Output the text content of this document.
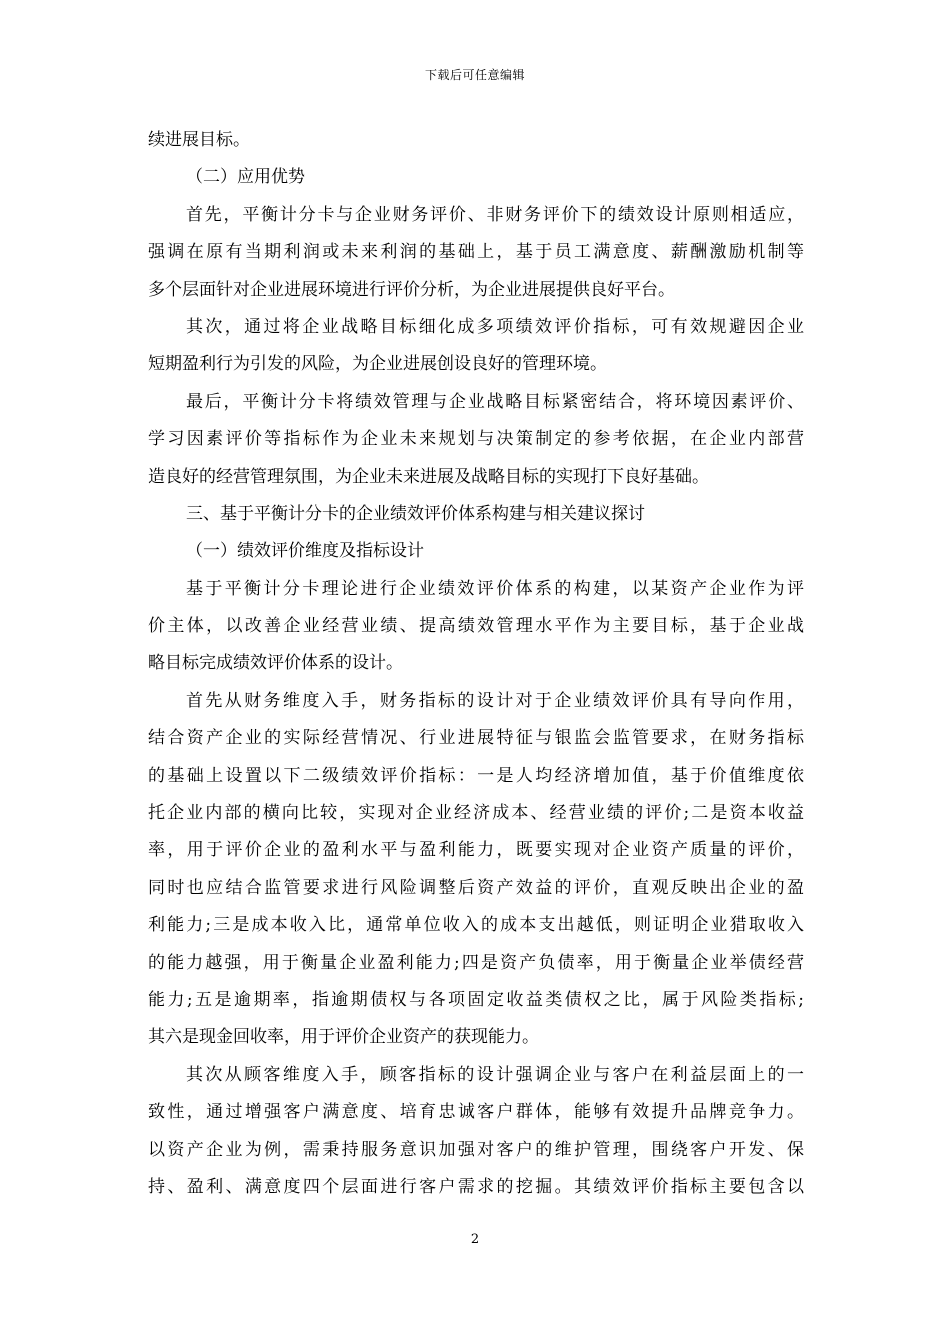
下载后可任意编辑
续进展目标。
（二）应用优势
首先，平衡计分卡与企业财务评价、非财务评价下的绩效设计原则相适应，
强调在原有当期利润或未来利润的基础上，基于员工满意度、薪酬激励机制等
多个层面针对企业进展环境进行评价分析，为企业进展提供良好平台。
其次，通过将企业战略目标细化成多项绩效评价指标，可有效规避因企业
短期盈利行为引发的风险，为企业进展创设良好的管理环境。
最后，平衡计分卡将绩效管理与企业战略目标紧密结合，将环境因素评价、
学习因素评价等指标作为企业未来规划与决策制定的参考依据，在企业内部营
造良好的经营管理氛围，为企业未来进展及战略目标的实现打下良好基础。
三、基于平衡计分卡的企业绩效评价体系构建与相关建议探讨
（一）绩效评价维度及指标设计
基于平衡计分卡理论进行企业绩效评价体系的构建，以某资产企业作为评
价主体，以改善企业经营业绩、提高绩效管理水平作为主要目标，基于企业战
略目标完成绩效评价体系的设计。
首先从财务维度入手，财务指标的设计对于企业绩效评价具有导向作用，
结合资产企业的实际经营情况、行业进展特征与银监会监管要求，在财务指标
的基础上设置以下二级绩效评价指标：一是人均经济增加值，基于价值维度依
托企业内部的横向比较，实现对企业经济成本、经营业绩的评价;二是资本收益
率，用于评价企业的盈利水平与盈利能力，既要实现对企业资产质量的评价，
同时也应结合监管要求进行风险调整后资产效益的评价，直观反映出企业的盈
利能力;三是成本收入比，通常单位收入的成本支出越低，则证明企业猎取收入
的能力越强，用于衡量企业盈利能力;四是资产负债率，用于衡量企业举债经营
能力;五是逾期率，指逾期债权与各项固定收益类债权之比，属于风险类指标;
其六是现金回收率，用于评价企业资产的获现能力。
其次从顾客维度入手，顾客指标的设计强调企业与客户在利益层面上的一
致性，通过增强客户满意度、培育忠诚客户群体，能够有效提升品牌竞争力。
以资产企业为例，需秉持服务意识加强对客户的维护管理，围绕客户开发、保
持、盈利、满意度四个层面进行客户需求的挖掘。其绩效评价指标主要包含以
2
